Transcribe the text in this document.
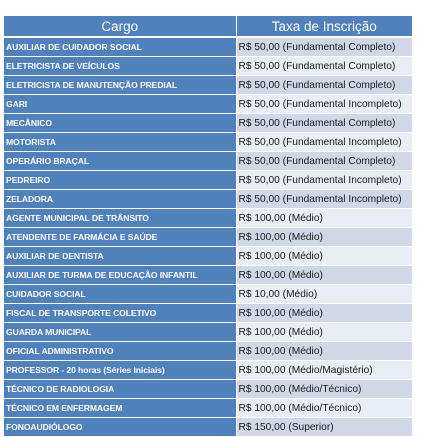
Cargo	Taxa de Inscrição
AUXILIAR DE CUIDADOR SOCIAL	R$ 50,00 (Fundamental Completo)
ELETRICISTA DE VEÍCULOS	R$ 50,00 (Fundamental Completo)
ELETRICISTA DE MANUTENÇÃO PREDIAL	R$ 50,00 (Fundamental Completo)
GARI	R$ 50,00 (Fundamental Incompleto)
MECÂNICO	R$ 50,00 (Fundamental Completo)
MOTORISTA	R$ 50,00 (Fundamental Incompleto)
OPERÁRIO BRAÇAL	R$ 50,00 (Fundamental Completo)
PEDREIRO	R$ 50,00 (Fundamental Incompleto)
ZELADORA	R$ 50,00 (Fundamental Incompleto)
AGENTE MUNICIPAL DE TRÂNSITO	R$ 100,00 (Médio)
ATENDENTE DE FARMÁCIA E SAÚDE	R$ 100,00 (Médio)
AUXILIAR DE DENTISTA	R$ 100,00 (Médio)
AUXILIAR DE TURMA DE EDUCAÇÃO INFANTIL	R$ 100,00 (Médio)
CUIDADOR SOCIAL	R$ 10,00 (Médio)
FISCAL DE TRANSPORTE COLETIVO	R$ 100,00 (Médio)
GUARDA MUNICIPAL	R$ 100,00 (Médio)
OFICIAL ADMINISTRATIVO	R$ 100,00 (Médio)
PROFESSOR - 20 horas (Séries Iniciais)	R$ 100,00 (Médio/Magistério)
TÉCNICO DE RADIOLOGIA	R$ 100,00 (Médio/Técnico)
TÉCNICO EM ENFERMAGEM	R$ 100,00 (Médio/Técnico)
FONOAUDIÓLOGO	R$ 150,00 (Superior)
